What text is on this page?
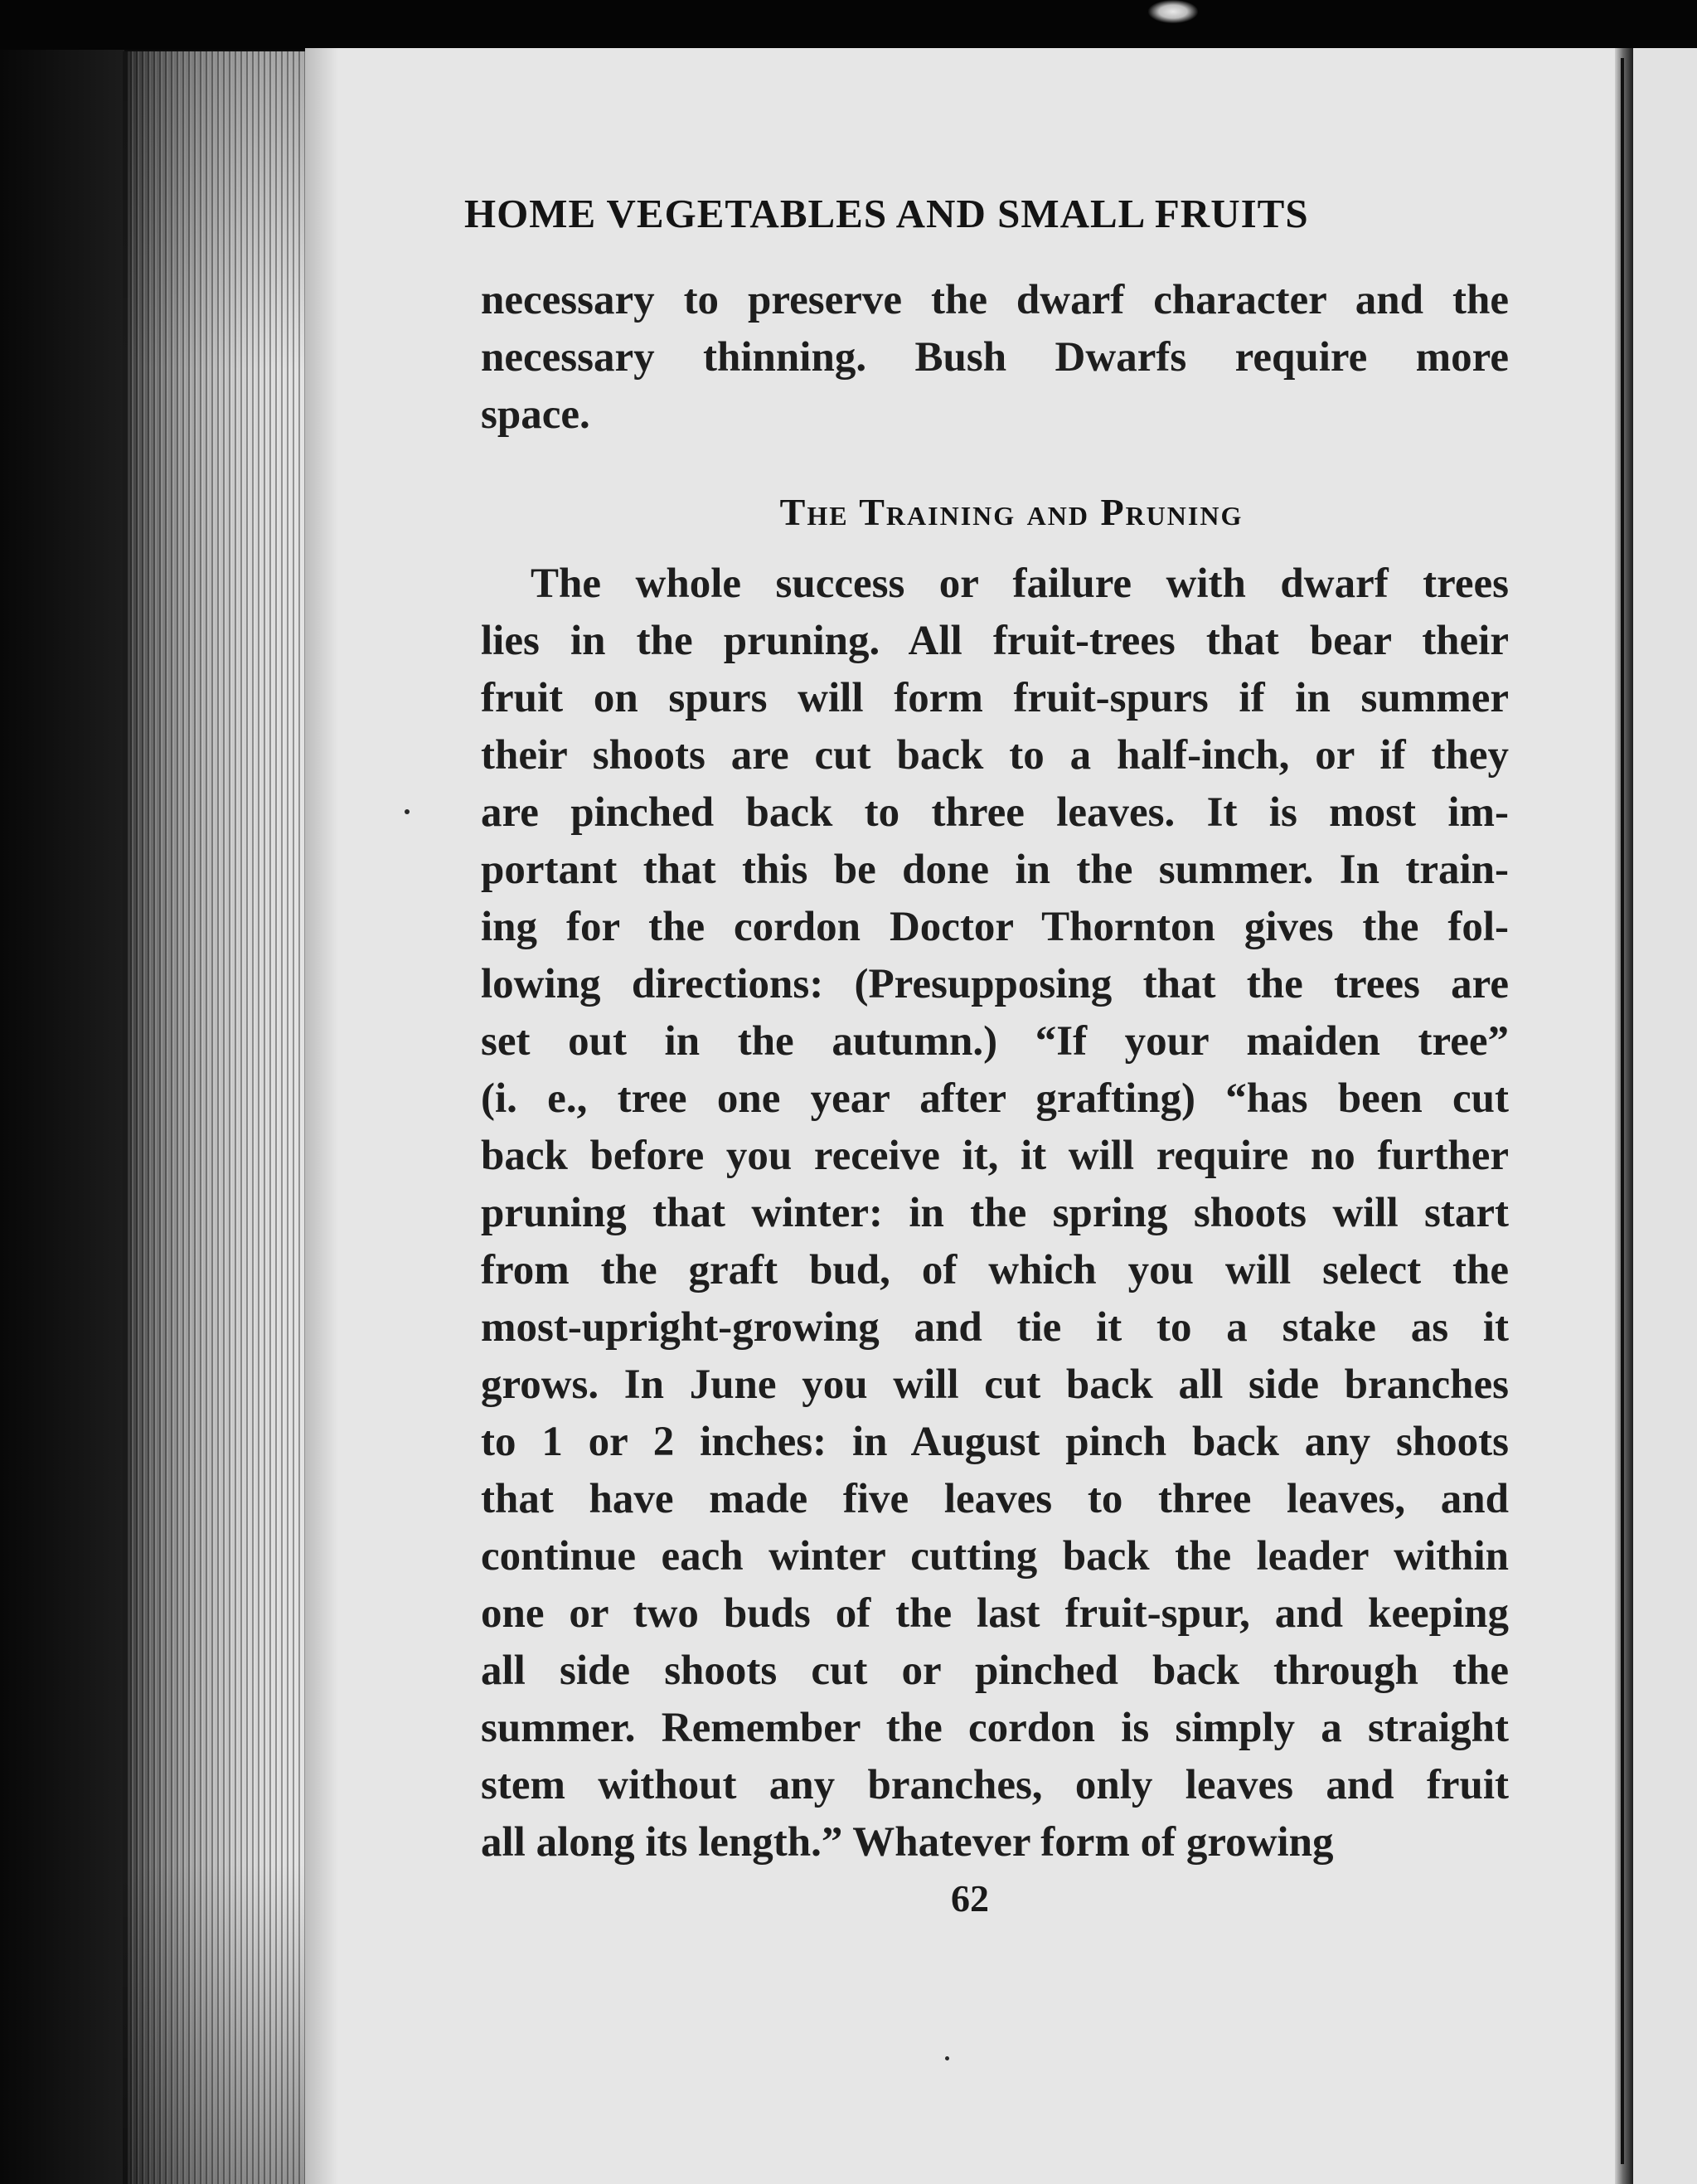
HOME VEGETABLES AND SMALL FRUITS
necessary to preserve the dwarf character and the
necessary thinning. Bush Dwarfs require more
space.
The Training and Pruning
The whole success or failure with dwarf trees
lies in the pruning. All fruit-trees that bear their
fruit on spurs will form fruit-spurs if in summer
their shoots are cut back to a half-inch, or if they
are pinched back to three leaves. It is most im-
portant that this be done in the summer. In train-
ing for the cordon Doctor Thornton gives the fol-
lowing directions: (Presupposing that the trees are
set out in the autumn.) “If your maiden tree”
(i. e., tree one year after grafting) “has been cut
back before you receive it, it will require no further
pruning that winter: in the spring shoots will start
from the graft bud, of which you will select the
most-upright-growing and tie it to a stake as it
grows. In June you will cut back all side branches
to 1 or 2 inches: in August pinch back any shoots
that have made five leaves to three leaves, and
continue each winter cutting back the leader within
one or two buds of the last fruit-spur, and keeping
all side shoots cut or pinched back through the
summer. Remember the cordon is simply a straight
stem without any branches, only leaves and fruit
all along its length.” Whatever form of growing
62
